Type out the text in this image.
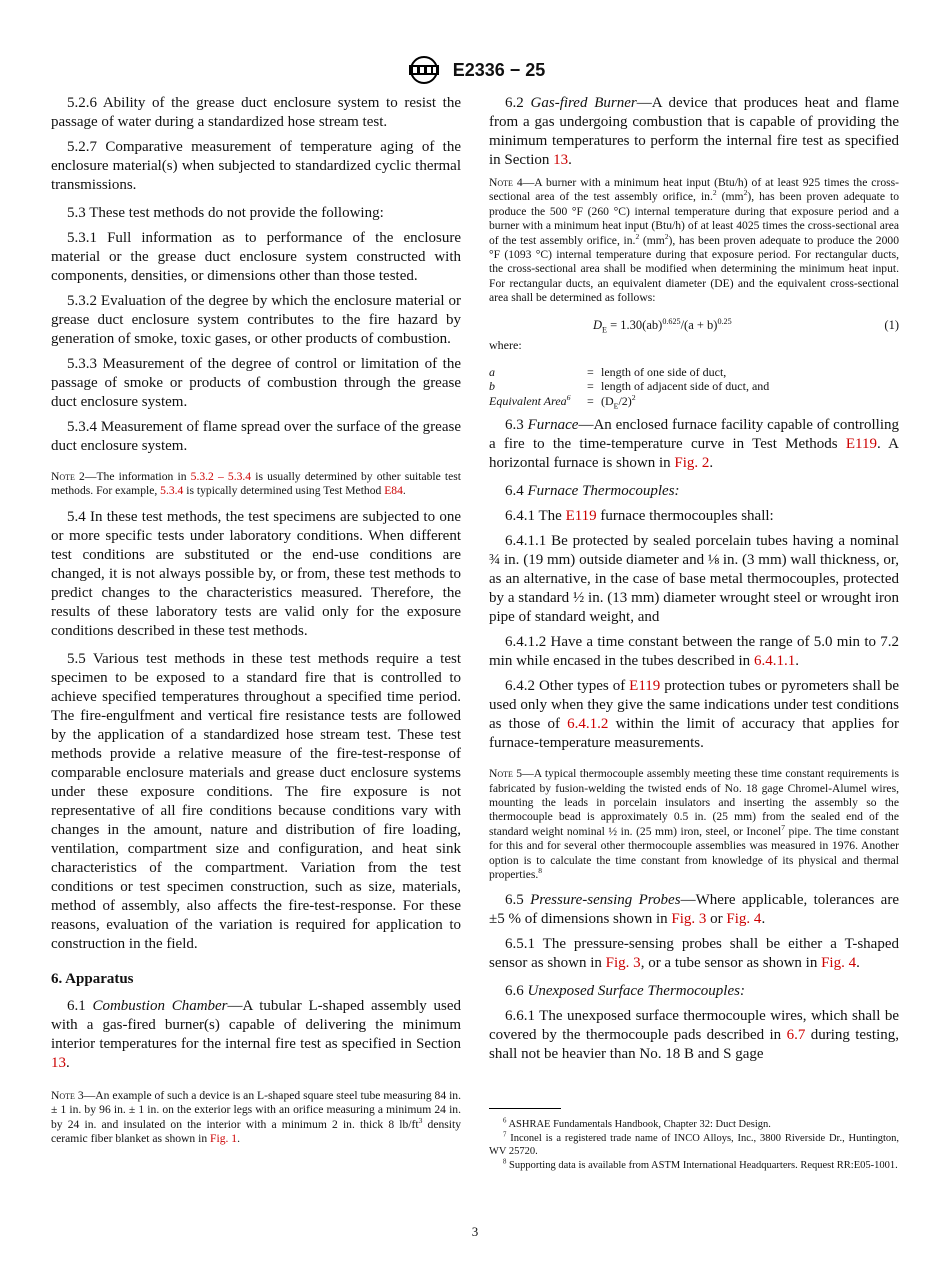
E2336 − 25

5.2.6 Ability of the grease duct enclosure system to resist the passage of water during a standardized hose stream test.

5.2.7 Comparative measurement of temperature aging of the enclosure material(s) when subjected to standardized cyclic thermal transmissions.

5.3 These test methods do not provide the following:

5.3.1 Full information as to performance of the enclosure material or the grease duct enclosure system constructed with components, densities, or dimensions other than those tested.

5.3.2 Evaluation of the degree by which the enclosure material or grease duct enclosure system contributes to the fire hazard by generation of smoke, toxic gases, or other products of combustion.

5.3.3 Measurement of the degree of control or limitation of the passage of smoke or products of combustion through the grease duct enclosure system.

5.3.4 Measurement of flame spread over the surface of the grease duct enclosure system.

Note 2—The information in 5.3.2 – 5.3.4 is usually determined by other suitable test methods. For example, 5.3.4 is typically determined using Test Method E84.

5.4 In these test methods, the test specimens are subjected to one or more specific tests under laboratory conditions. When different test conditions are substituted or the end-use conditions are changed, it is not always possible by, or from, these test methods to predict changes to the characteristics measured. Therefore, the results of these laboratory tests are valid only for the exposure conditions described in these test methods.

5.5 Various test methods in these test methods require a test specimen to be exposed to a standard fire that is controlled to achieve specified temperatures throughout a specified time period. The fire-engulfment and vertical fire resistance tests are followed by the application of a standardized hose stream test. These test methods provide a relative measure of the fire-test-response of comparable enclosure materials and grease duct enclosure systems under these exposure conditions. The fire exposure is not representative of all fire conditions because conditions vary with changes in the amount, nature and distribution of fire loading, ventilation, compartment size and configuration, and heat sink characteristics of the compartment. Variation from the test conditions or test specimen construction, such as size, materials, method of assembly, also affects the fire-test-response. For these reasons, evaluation of the variation is required for application to construction in the field.

6. Apparatus

6.1 Combustion Chamber—A tubular L-shaped assembly used with a gas-fired burner(s) capable of delivering the minimum interior temperatures for the internal fire test as specified in Section 13.

Note 3—An example of such a device is an L-shaped square steel tube measuring 84 in. ± 1 in. by 96 in. ± 1 in. on the exterior legs with an orifice measuring a minimum 24 in. by 24 in. and insulated on the interior with a minimum 2 in. thick 8 $lb/ft^3$ density ceramic fiber blanket as shown in Fig. 1.

6.2 Gas-fired Burner—A device that produces heat and flame from a gas undergoing combustion that is capable of providing the minimum temperatures to perform the internal fire test as specified in Section 13.

Note 4—A burner with a minimum heat input (Btu/h) of at least 925 times the cross-sectional area of the test assembly orifice, in.$^2$ $(mm^2)$, has been proven adequate to produce the 500 °F (260 °C) internal temperature during that exposure period and a burner with a minimum heat input (Btu/h) of at least 4025 times the cross-sectional area of the test assembly orifice, in.$^2$ $(mm^2)$, has been proven adequate to produce the 2000 °F (1093 °C) internal temperature during that exposure period. For rectangular ducts, the cross-sectional area shall be modified when determining the minimum heat input. For rectangular ducts, an equivalent diameter (DE) and the equivalent cross-sectional area shall be determined as follows:
$D_E = 1.30(ab)^{0.625}/(a + b)^{0.25}$	(1)
where:
a	= length of one side of duct,
b	= length of adjacent side of duct, and
Equivalent Area$^6$	= $(D_E/2)^2$

6.3 Furnace—An enclosed furnace facility capable of controlling a fire to the time-temperature curve in Test Methods E119. A horizontal furnace is shown in Fig. 2.

6.4 Furnace Thermocouples:

6.4.1 The E119 furnace thermocouples shall:

6.4.1.1 Be protected by sealed porcelain tubes having a nominal ¾ in. (19 mm) outside diameter and ⅛ in. (3 mm) wall thickness, or, as an alternative, in the case of base metal thermocouples, protected by a standard ½ in. (13 mm) diameter wrought steel or wrought iron pipe of standard weight, and

6.4.1.2 Have a time constant between the range of 5.0 min to 7.2 min while encased in the tubes described in 6.4.1.1.

6.4.2 Other types of E119 protection tubes or pyrometers shall be used only when they give the same indications under test conditions as those of 6.4.1.2 within the limit of accuracy that applies for furnace-temperature measurements.

Note 5—A typical thermocouple assembly meeting these time constant requirements is fabricated by fusion-welding the twisted ends of No. 18 gage Chromel-Alumel wires, mounting the leads in porcelain insulators and inserting the assembly so the thermocouple bead is approximately 0.5 in. (25 mm) from the sealed end of the standard weight nominal ½ in. (25 mm) iron, steel, or Inconel$^7$ pipe. The time constant for this and for several other thermocouple assemblies was measured in 1976. Another option is to calculate the time constant from knowledge of its physical and thermal properties.$^8$

6.5 Pressure-sensing Probes—Where applicable, tolerances are ±5 % of dimensions shown in Fig. 3 or Fig. 4.

6.5.1 The pressure-sensing probes shall be either a T-shaped sensor as shown in Fig. 3, or a tube sensor as shown in Fig. 4.

6.6 Unexposed Surface Thermocouples:

6.6.1 The unexposed surface thermocouple wires, which shall be covered by the thermocouple pads described in 6.7 during testing, shall not be heavier than No. 18 B and S gage

$^6$ ASHRAE Fundamentals Handbook, Chapter 32: Duct Design.

$^7$ Inconel is a registered trade name of INCO Alloys, Inc., 3800 Riverside Dr., Huntington, WV 25720.

$^8$ Supporting data is available from ASTM International Headquarters. Request RR:E05-1001.

3
